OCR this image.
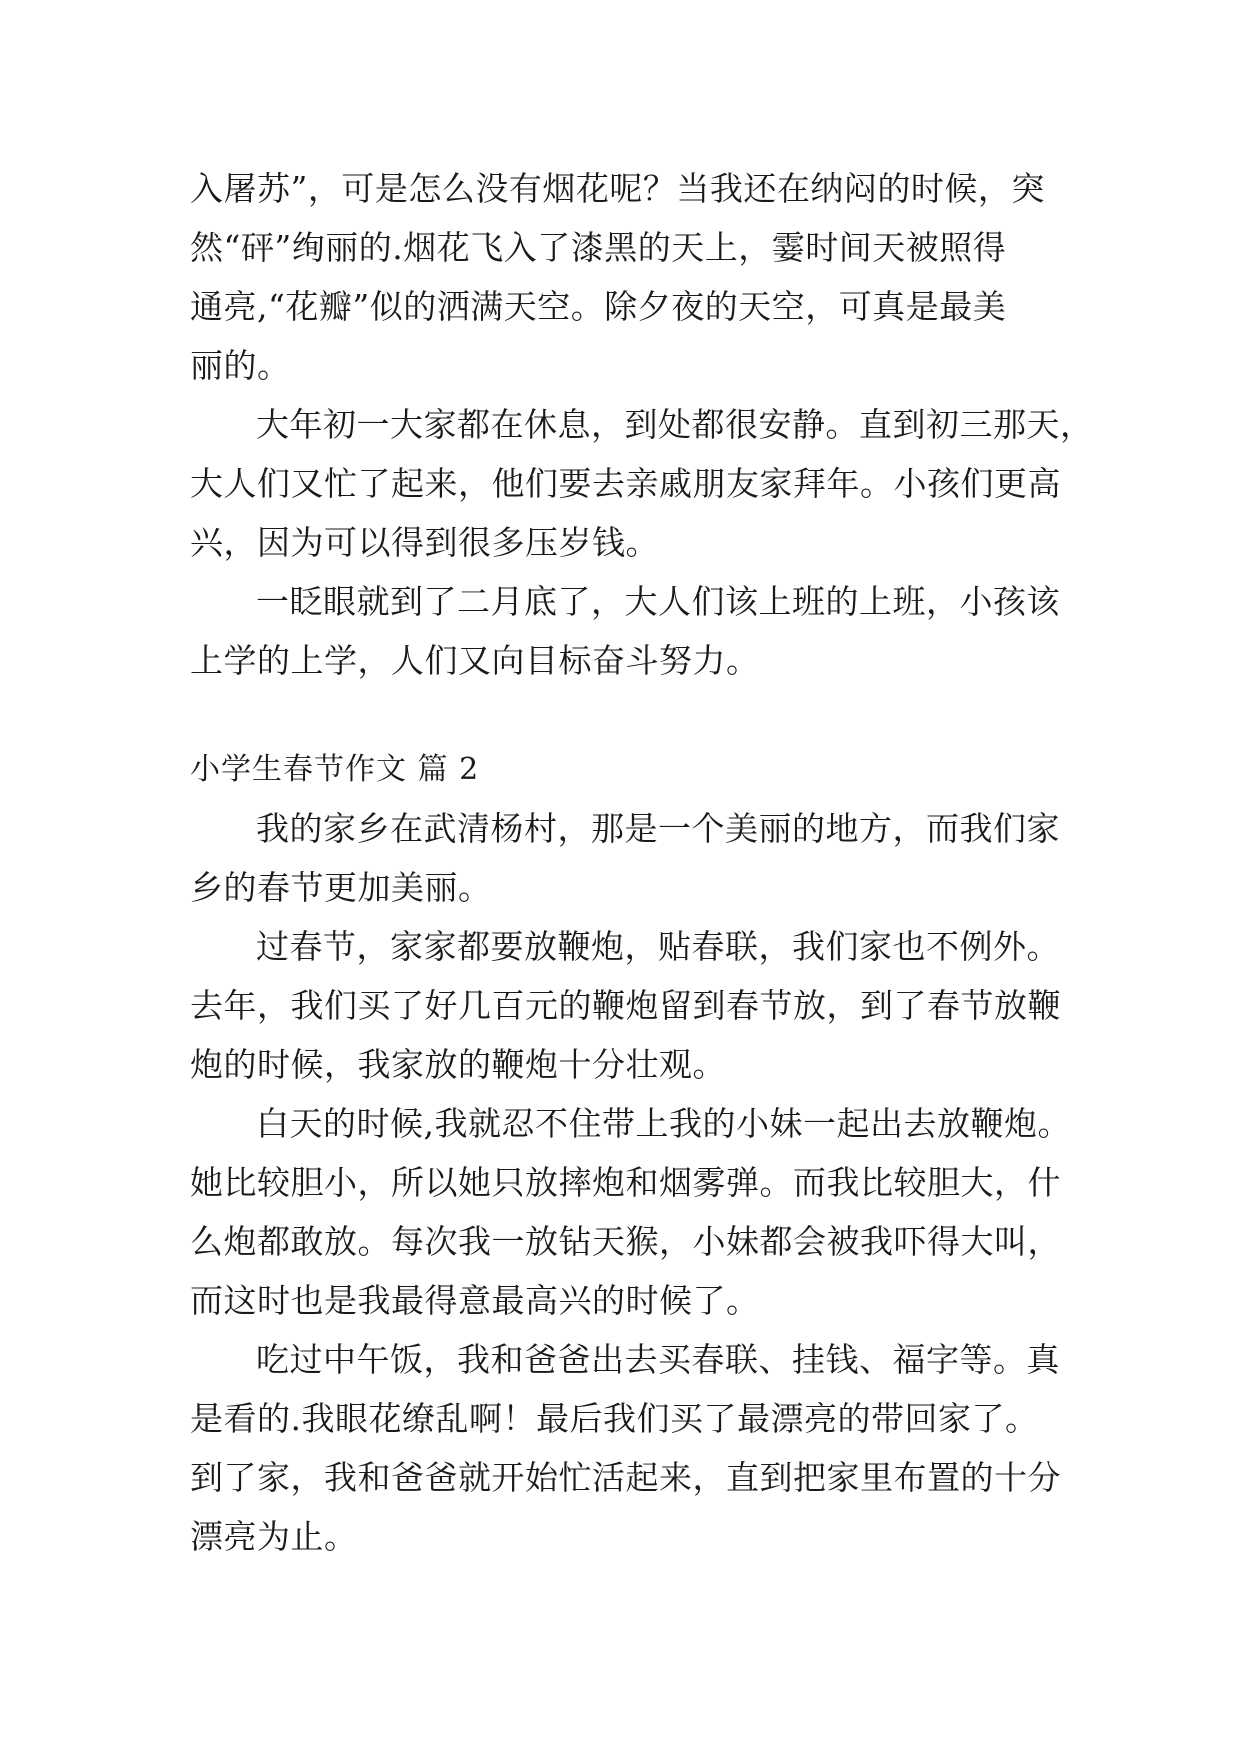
入屠苏”，可是怎么没有烟花呢？当我还在纳闷的时候，突
然“砰”绚丽的.烟花飞入了漆黑的天上，霎时间天被照得
通亮,“花瓣”似的洒满天空。除夕夜的天空，可真是最美
丽的。
大年初一大家都在休息，到处都很安静。直到初三那天，
大人们又忙了起来，他们要去亲戚朋友家拜年。小孩们更高
兴，因为可以得到很多压岁钱。
一眨眼就到了二月底了，大人们该上班的上班，小孩该
上学的上学，人们又向目标奋斗努力。
小学生春节作文 篇 2
我的家乡在武清杨村，那是一个美丽的地方，而我们家
乡的春节更加美丽。
过春节，家家都要放鞭炮，贴春联，我们家也不例外。
去年，我们买了好几百元的鞭炮留到春节放，到了春节放鞭
炮的时候，我家放的鞭炮十分壮观。
白天的时候,我就忍不住带上我的小妹一起出去放鞭炮。
她比较胆小，所以她只放摔炮和烟雾弹。而我比较胆大，什
么炮都敢放。每次我一放钻天猴，小妹都会被我吓得大叫，
而这时也是我最得意最高兴的时候了。
吃过中午饭，我和爸爸出去买春联、挂钱、福字等。真
是看的.我眼花缭乱啊！最后我们买了最漂亮的带回家了。
到了家，我和爸爸就开始忙活起来，直到把家里布置的十分
漂亮为止。
